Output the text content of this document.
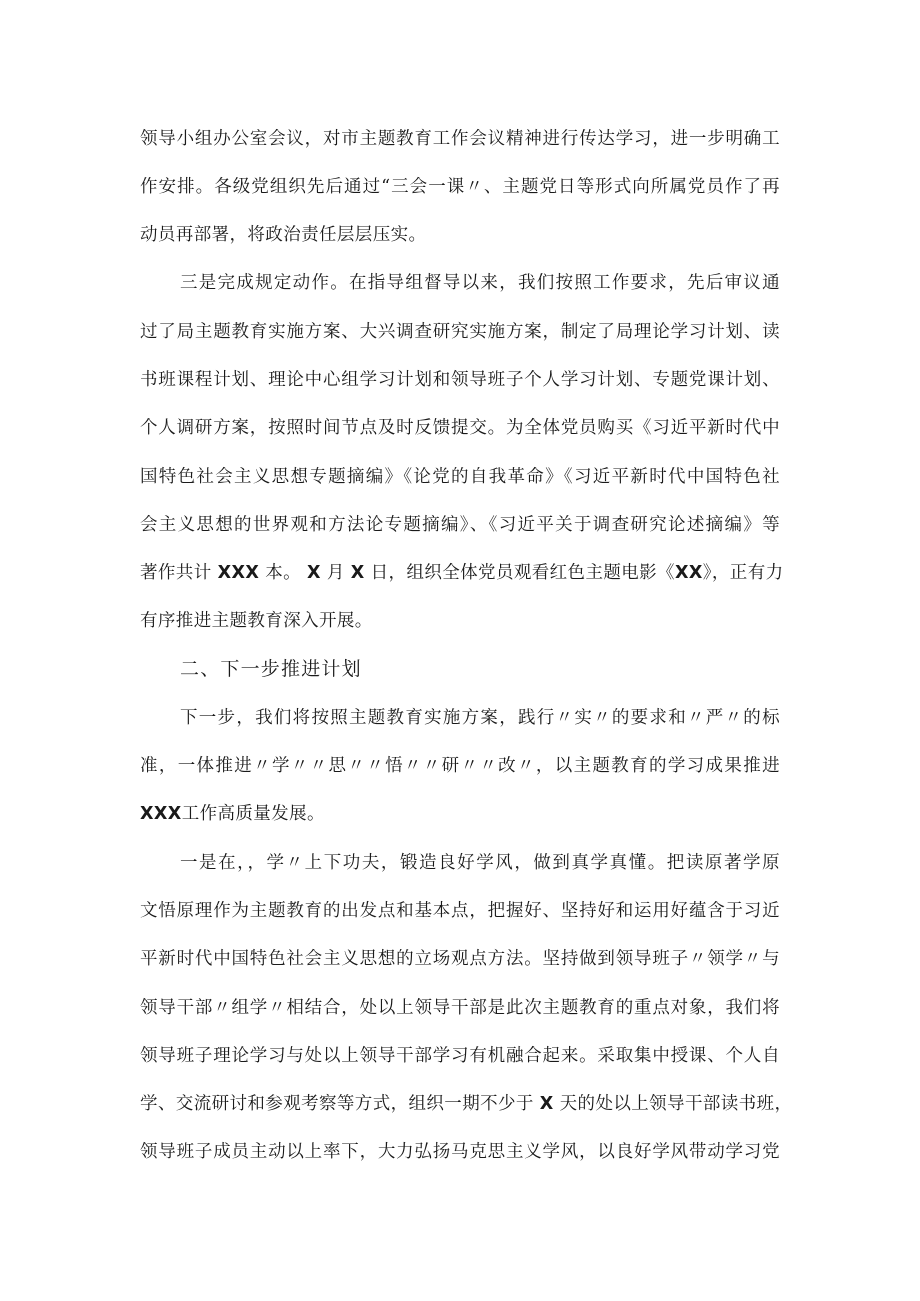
领导小组办公室会议，对市主题教育工作会议精神进行传达学习，进一步明确工
作安排。各级党组织先后通过“三会一课〃、主题党日等形式向所属党员作了再
动员再部署，将政治责任层层压实。
三是完成规定动作。在指导组督导以来，我们按照工作要求，先后审议通
过了局主题教育实施方案、大兴调查研究实施方案，制定了局理论学习计划、读
书班课程计划、理论中心组学习计划和领导班子个人学习计划、专题党课计划、
个人调研方案，按照时间节点及时反馈提交。为全体党员购买《习近平新时代中
国特色社会主义思想专题摘编》《论党的自我革命》《习近平新时代中国特色社
会主义思想的世界观和方法论专题摘编》、《习近平关于调查研究论述摘编》等
著作共计 XXX 本。 X 月 X 日，组织全体党员观看红色主题电影《XX》，正有力
有序推进主题教育深入开展。
二、下一步推进计划
下一步，我们将按照主题教育实施方案，践行〃实〃的要求和〃严〃的标
准，一体推进〃学〃〃思〃〃悟〃〃研〃〃改〃，以主题教育的学习成果推进
XXX工作高质量发展。
一是在，，学〃上下功夫，锻造良好学风，做到真学真懂。把读原著学原
文悟原理作为主题教育的出发点和基本点，把握好、坚持好和运用好蕴含于习近
平新时代中国特色社会主义思想的立场观点方法。坚持做到领导班子〃领学〃与
领导干部〃组学〃相结合，处以上领导干部是此次主题教育的重点对象，我们将
领导班子理论学习与处以上领导干部学习有机融合起来。采取集中授课、个人自
学、交流研讨和参观考察等方式，组织一期不少于 X 天的处以上领导干部读书班，
领导班子成员主动以上率下，大力弘扬马克思主义学风，以良好学风带动学习党
